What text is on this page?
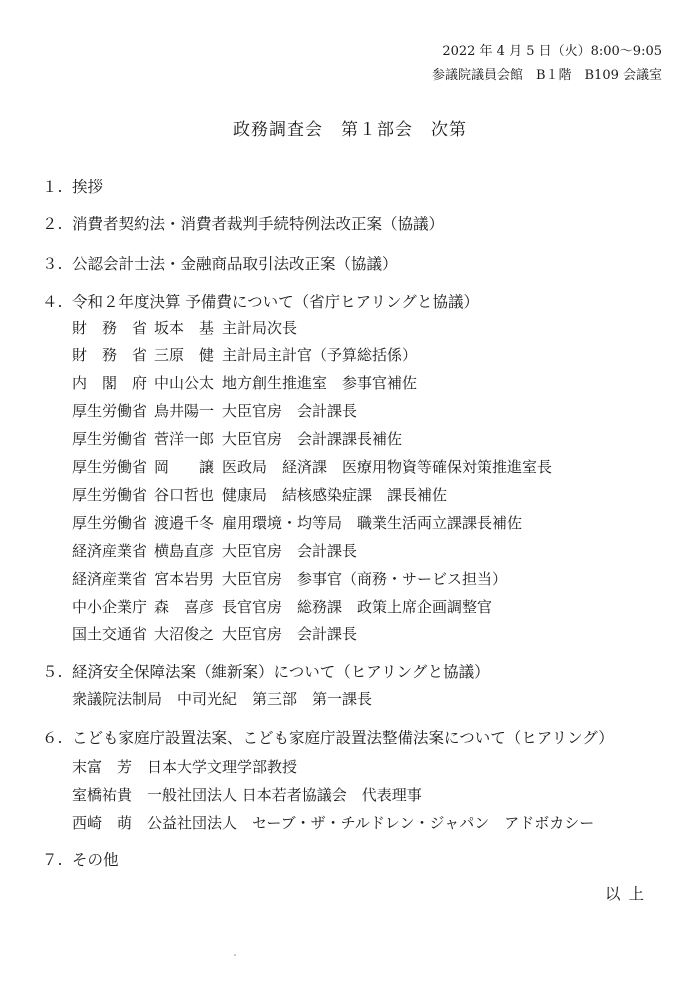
2022 年 4 月 5 日（火）8:00〜9:05
参議院議員会館　B１階　B109 会議室
政務調査会　第１部会　次第
１. 挨拶
２. 消費者契約法・消費者裁判手続特例法改正案（協議）
３. 公認会計士法・金融商品取引法改正案（協議）
４. 令和２年度決算 予備費について（省庁ヒアリングと協議）
財　務　省 坂本　基 主計局次長
財　務　省 三原　健 主計局主計官（予算総括係）
内　閣　府 中山公太 地方創生推進室　参事官補佐
厚生労働省 鳥井陽一 大臣官房　会計課長
厚生労働省 菅洋一郎 大臣官房　会計課課長補佐
厚生労働省 岡　　譲 医政局　経済課　医療用物資等確保対策推進室長
厚生労働省 谷口哲也 健康局　結核感染症課　課長補佐
厚生労働省 渡邉千冬 雇用環境・均等局　職業生活両立課課長補佐
経済産業省 横島直彦 大臣官房　会計課長
経済産業省 宮本岩男 大臣官房　参事官（商務・サービス担当）
中小企業庁 森　喜彦 長官官房　総務課　政策上席企画調整官
国土交通省 大沼俊之 大臣官房　会計課長
５. 経済安全保障法案（維新案）について（ヒアリングと協議）
衆議院法制局　中司光紀　第三部　第一課長
６. こども家庭庁設置法案、こども家庭庁設置法整備法案について（ヒアリング）
末富　芳　日本大学文理学部教授
室橋祐貴　一般社団法人 日本若者協議会　代表理事
西崎　萌　公益社団法人　セーブ・ザ・チルドレン・ジャパン　アドボカシー
７. その他
以上
